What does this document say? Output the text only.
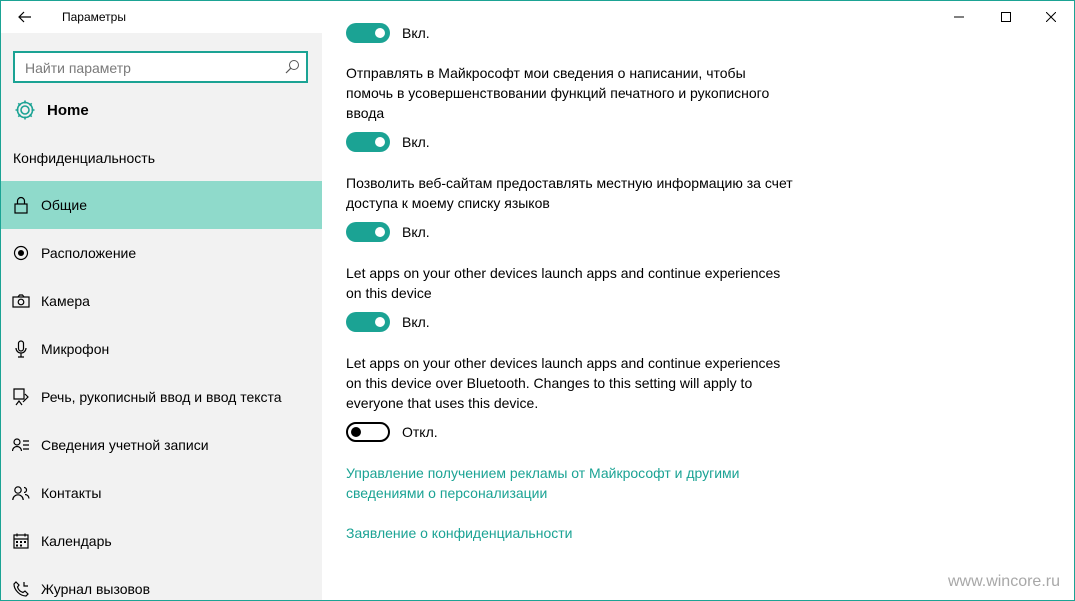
Параметры
Найти параметр
Home
Конфиденциальность
Общие
Расположение
Камера
Микрофон
Речь, рукописный ввод и ввод текста
Сведения учетной записи
Контакты
Календарь
Журнал вызовов
Вкл.
Отправлять в Майкрософт мои сведения о написании, чтобы помочь в усовершенствовании функций печатного и рукописного ввода
Вкл.
Позволить веб-сайтам предоставлять местную информацию за счет доступа к моему списку языков
Вкл.
Let apps on your other devices launch apps and continue experiences on this device
Вкл.
Let apps on your other devices launch apps and continue experiences on this device over Bluetooth. Changes to this setting will apply to everyone that uses this device.
Откл.
Управление получением рекламы от Майкрософт и другими сведениями о персонализации
Заявление о конфиденциальности
www.wincore.ru
